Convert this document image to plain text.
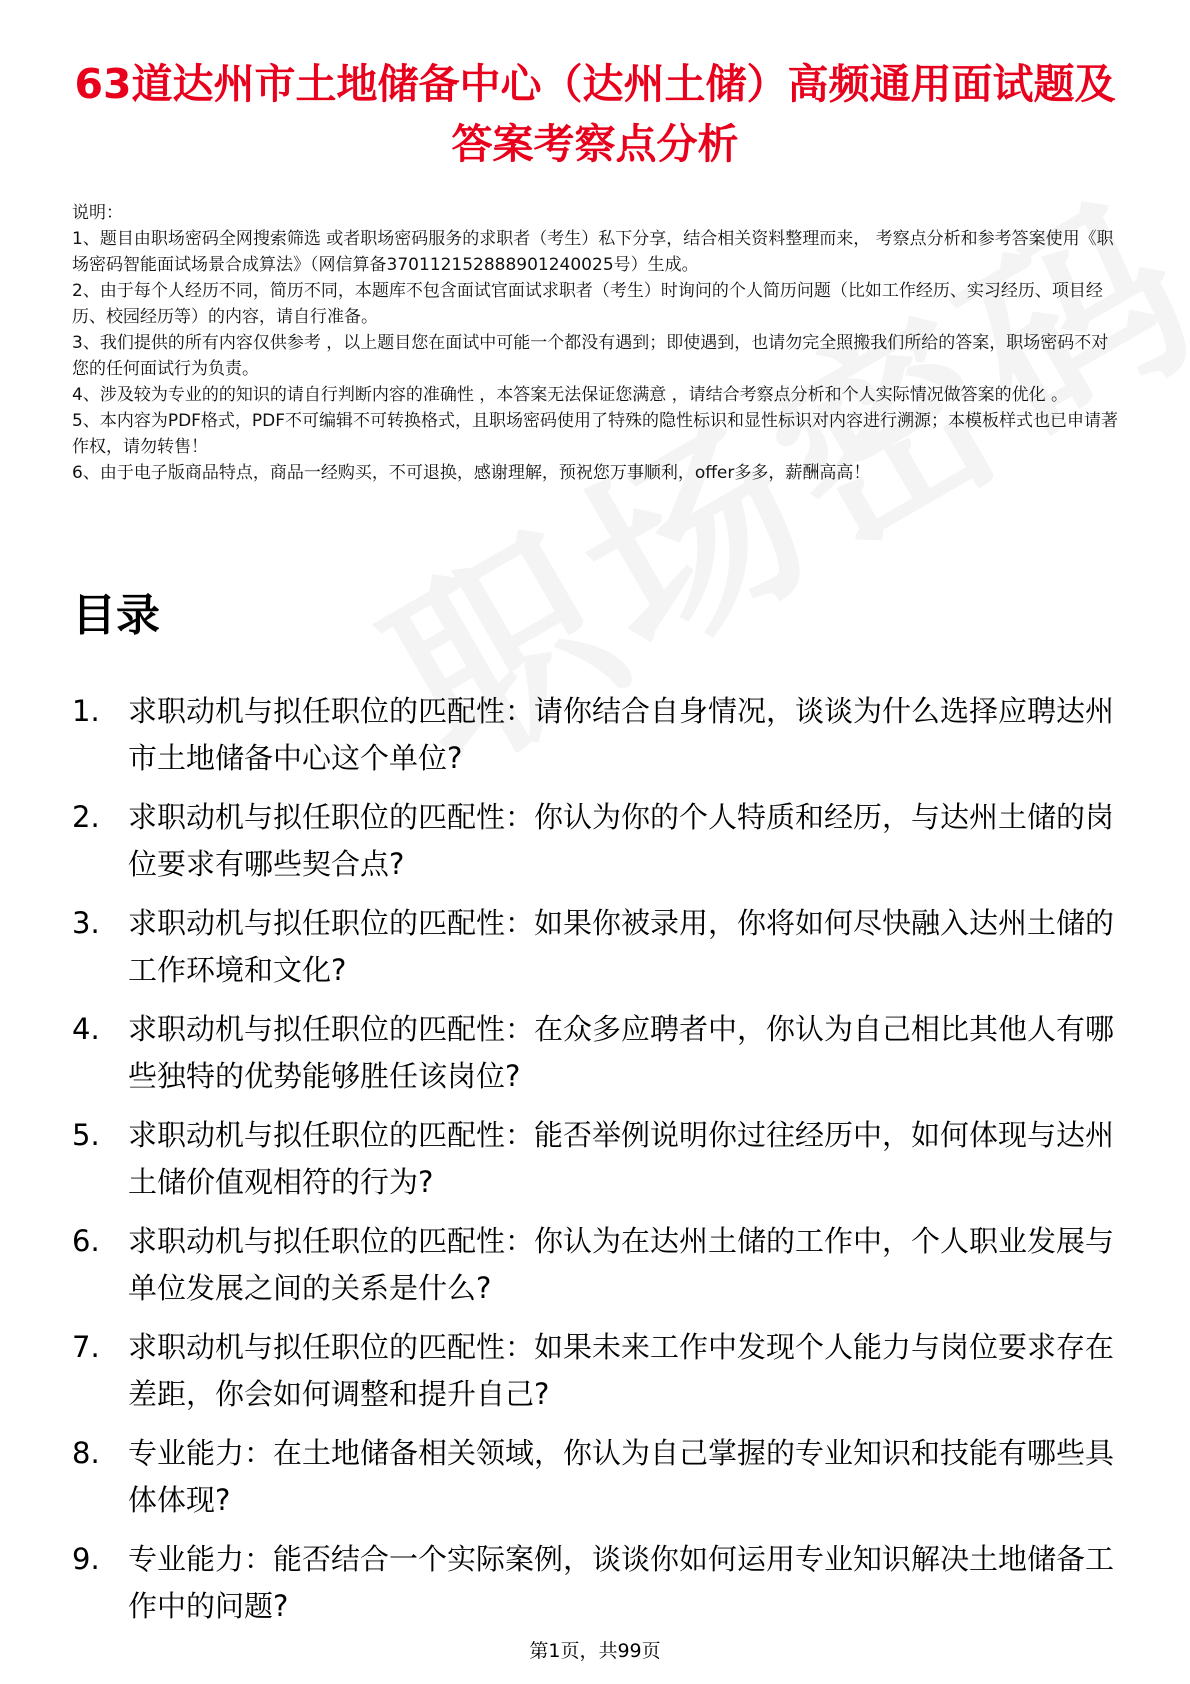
63道达州市土地储备中心（达州土储）高频通用面试题及答案考察点分析

说明：

1、题目由职场密码全网搜索筛选 或者职场密码服务的求职者（考生）私下分享，结合相关资料整理而来， 考察点分析和参考答案使用《职场密码智能面试场景合成算法》（网信算备370112152888901240025号）生成。

2、由于每个人经历不同，简历不同，本题库不包含面试官面试求职者（考生）时询问的个人简历问题（比如工作经历、实习经历、项目经历、校园经历等）的内容，请自行准备。

3、我们提供的所有内容仅供参考 ，以上题目您在面试中可能一个都没有遇到；即使遇到，也请勿完全照搬我们所给的答案，职场密码不对您的任何面试行为负责。

4、涉及较为专业的的知识的请自行判断内容的准确性 ，本答案无法保证您满意 ，请结合考察点分析和个人实际情况做答案的优化 。

5、本内容为PDF格式，PDF不可编辑不可转换格式，且职场密码使用了特殊的隐性标识和显性标识对内容进行溯源；本模板样式也已申请著作权，请勿转售！

6、由于电子版商品特点，商品一经购买，不可退换，感谢理解，预祝您万事顺利，offer多多，薪酬高高！

目录
1. 求职动机与拟任职位的匹配性：请你结合自身情况，谈谈为什么选择应聘达州市土地储备中心这个单位?
2. 求职动机与拟任职位的匹配性：你认为你的个人特质和经历，与达州土储的岗位要求有哪些契合点?
3. 求职动机与拟任职位的匹配性：如果你被录用，你将如何尽快融入达州土储的工作环境和文化?
4. 求职动机与拟任职位的匹配性：在众多应聘者中，你认为自己相比其他人有哪些独特的优势能够胜任该岗位?
5. 求职动机与拟任职位的匹配性：能否举例说明你过往经历中，如何体现与达州土储价值观相符的行为?
6. 求职动机与拟任职位的匹配性：你认为在达州土储的工作中，个人职业发展与单位发展之间的关系是什么?
7. 求职动机与拟任职位的匹配性：如果未来工作中发现个人能力与岗位要求存在差距，你会如何调整和提升自己?
8. 专业能力：在土地储备相关领域，你认为自己掌握的专业知识和技能有哪些具体体现?
9. 专业能力：能否结合一个实际案例，谈谈你如何运用专业知识解决土地储备工作中的问题?
第1页，共99页
